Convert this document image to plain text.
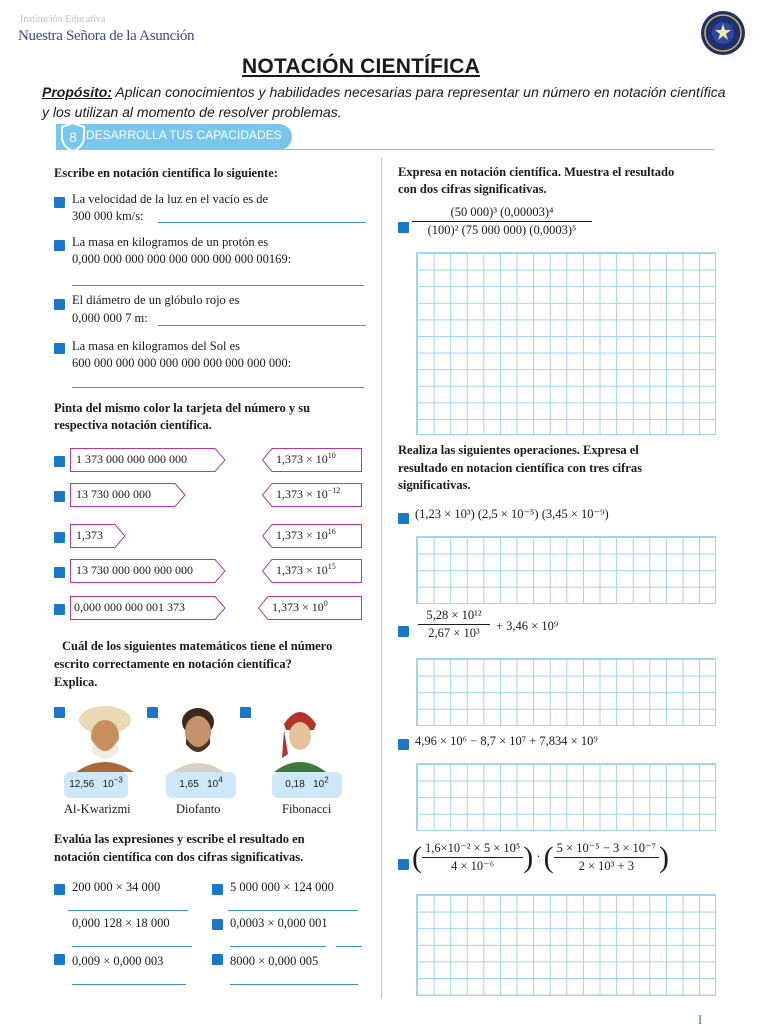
Institución Educativa
Nuestra Señora de la Asunción
NOTACIÓN CIENTÍFICA
Propósito: Aplican conocimientos y habilidades necesarias para representar un número en notación científica y los utilizan al momento de resolver problemas.
8 DESARROLLA TUS CAPACIDADES
Escribe en notación científica lo siguiente:
La velocidad de la luz en el vacío es de
300 000 km/s:
La masa en kilogramos de un protón es
0,000 000 000 000 000 000 000 000 00169:
El diámetro de un glóbulo rojo es
0,000 000 7 m:
La masa en kilogramos del Sol es
600 000 000 000 000 000 000 000 000 000:
Pinta del mismo color la tarjeta del número y su
respectiva notación científica.
1 373 000 000 000 000	$1,373 \times 10^{10}$
13 730 000 000	$1,373 \times 10^{-12}$
1,373	$1,373 \times 10^{16}$
13 730 000 000 000 000	$1,373 \times 10^{15}$
0,000 000 000 001 373	$1,373 \times 10^0$
Cuál de los siguientes matemáticos tiene el número
escrito correctamente en notación científica?
Explica.
12,56 $10^{-3}$	1,65 $10^4$	0,18 $10^2$
Al-Kwarizmi	Diofanto	Fibonacci
Evalúa las expresiones y escribe el resultado en
notación científica con dos cifras significativas.
200 000 × 34 000	5 000 000 × 124 000
0,000 128 × 18 000	0,0003 × 0,000 001
0,009 × 0,000 003	8000 × 0,000 005
Expresa en notación científica. Muestra el resultado
con dos cifras significativas.
$\frac{\text{(50 000)³ (0,00003)⁴}}{\text{(100)² (75 000 000) (0,0003)⁵}}$
Realiza las siguientes operaciones. Expresa el
resultado en notacion científica con tres cifras
significativas.
(1,23 × 10³) (2,5 × 10⁻⁵) (3,45 × 10⁻⁹)
$\frac{\text{5,28 × 10¹²}}{\text{2,67 × 10³}} + 3,46 \times 10^9$
4,96 × 10⁶ − 8,7 × 10⁷ + 7,834 × 10⁹
( $\frac{\text{1,6×10⁻² × 5 × 10⁵}}{\text{4 × 10⁻⁶}}$ ) · ( $\frac{\text{5 × 10⁻⁵ − 3 × 10⁻⁷}}{\text{2 × 10³ + 3}}$ )
I
